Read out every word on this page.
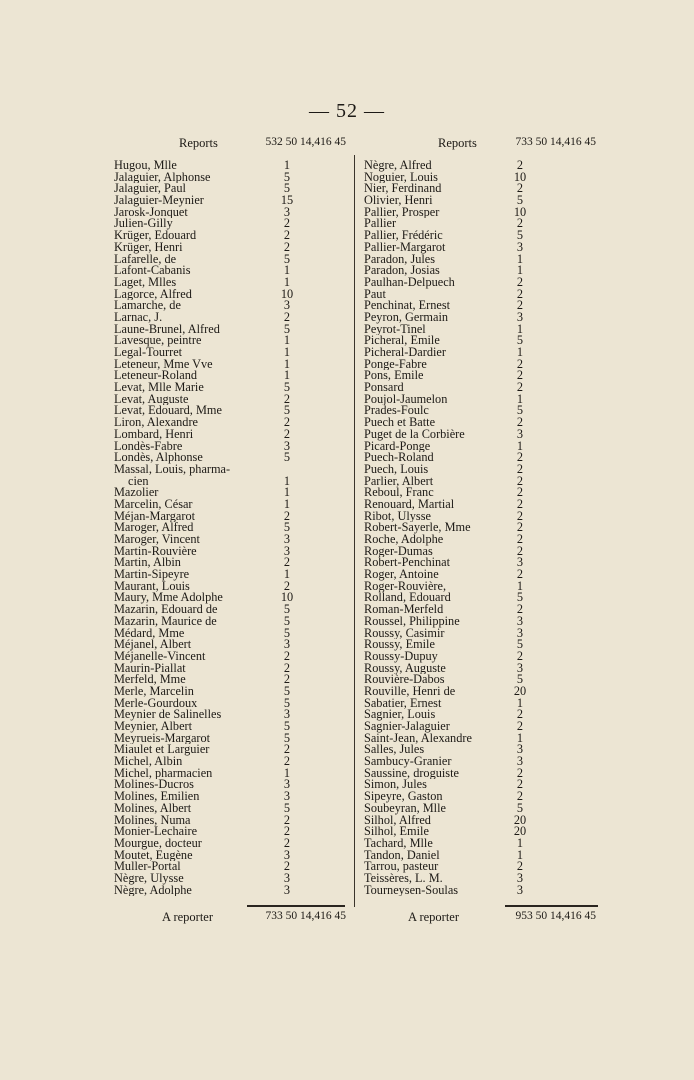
— 52 —
Reports	532 50 14,416 45
Hugou, Mlle	1
Jalaguier, Alphonse	5
Jalaguier, Paul	5
Jalaguier-Meynier	15
Jarosk-Jonquet	3
Julien-Gilly	2
Krüger, Edouard	2
Krüger, Henri	2
Lafarelle, de	5
Lafont-Cabanis	1
Laget, Mlles	1
Lagorce, Alfred	10
Lamarche, de	3
Larnac, J.	2
Laune-Brunel, Alfred	5
Lavesque, peintre	1
Legal-Tourret	1
Leteneur, Mme Vve	1
Leteneur-Roland	1
Levat, Mlle Marie	5
Levat, Auguste	2
Levat, Edouard, Mme	5
Liron, Alexandre	2
Lombard, Henri	2
Londès-Fabre	3
Londès, Alphonse	5
Massal, Louis, pharma-
cien	1
Mazolier	1
Marcelin, César	1
Méjan-Margarot	2
Maroger, Alfred	5
Maroger, Vincent	3
Martin-Rouvière	3
Martin, Albin	2
Martin-Sipeyre	1
Maurant, Louis	2
Maury, Mme Adolphe	10
Mazarin, Edouard de	5
Mazarin, Maurice de	5
Médard, Mme	5
Méjanel, Albert	3
Méjanelle-Vincent	2
Maurin-Piallat	2
Merfeld, Mme	2
Merle, Marcelin	5
Merle-Gourdoux	5
Meynier de Salinelles	3
Meynier, Albert	5
Meyrueis-Margarot	5
Miaulet et Larguier	2
Michel, Albin	2
Michel, pharmacien	1
Molines-Ducros	3
Molines, Emilien	3
Molines, Albert	5
Molines, Numa	2
Monier-Lechaire	2
Mourgue, docteur	2
Moutet, Eugène	3
Muller-Portal	2
Nègre, Ulysse	3
Nègre, Adolphe	3
Reports	733 50 14,416 45
Nègre, Alfred	2
Noguier, Louis	10
Nier, Ferdinand	2
Olivier, Henri	5
Pallier, Prosper	10
Pallier	2
Pallier, Frédéric	5
Pallier-Margarot	3
Paradon, Jules	1
Paradon, Josias	1
Paulhan-Delpuech	2
Paut	2
Penchinat, Ernest	2
Peyron, Germain	3
Peyrot-Tinel	1
Picheral, Emile	5
Picheral-Dardier	1
Ponge-Fabre	2
Pons, Emile	2
Ponsard	2
Poujol-Jaumelon	1
Prades-Foulc	5
Puech et Batte	2
Puget de la Corbière	3
Picard-Ponge	1
Puech-Roland	2
Puech, Louis	2
Parlier, Albert	2
Reboul, Franc	2
Renouard, Martial	2
Ribot, Ulysse	2
Robert-Sayerle, Mme	2
Roche, Adolphe	2
Roger-Dumas	2
Robert-Penchinat	3
Roger, Antoine	2
Roger-Rouvière,	1
Rolland, Edouard	5
Roman-Merfeld	2
Roussel, Philippine	3
Roussy, Casimir	3
Roussy, Emile	5
Roussy-Dupuy	2
Roussy, Auguste	3
Rouvière-Dabos	5
Rouville, Henri de	20
Sabatier, Ernest	1
Sagnier, Louis	2
Sagnier-Jalaguier	2
Saint-Jean, Alexandre	1
Salles, Jules	3
Sambucy-Granier	3
Saussine, droguiste	2
Simon, Jules	2
Sipeyre, Gaston	2
Soubeyran, Mlle	5
Silhol, Alfred	20
Silhol, Emile	20
Tachard, Mlle	1
Tandon, Daniel	1
Tarrou, pasteur	2
Teissères, L. M.	3
Tourneysen-Soulas	3
A reporter	733 50 14,416 45	A reporter	953 50 14,416 45
